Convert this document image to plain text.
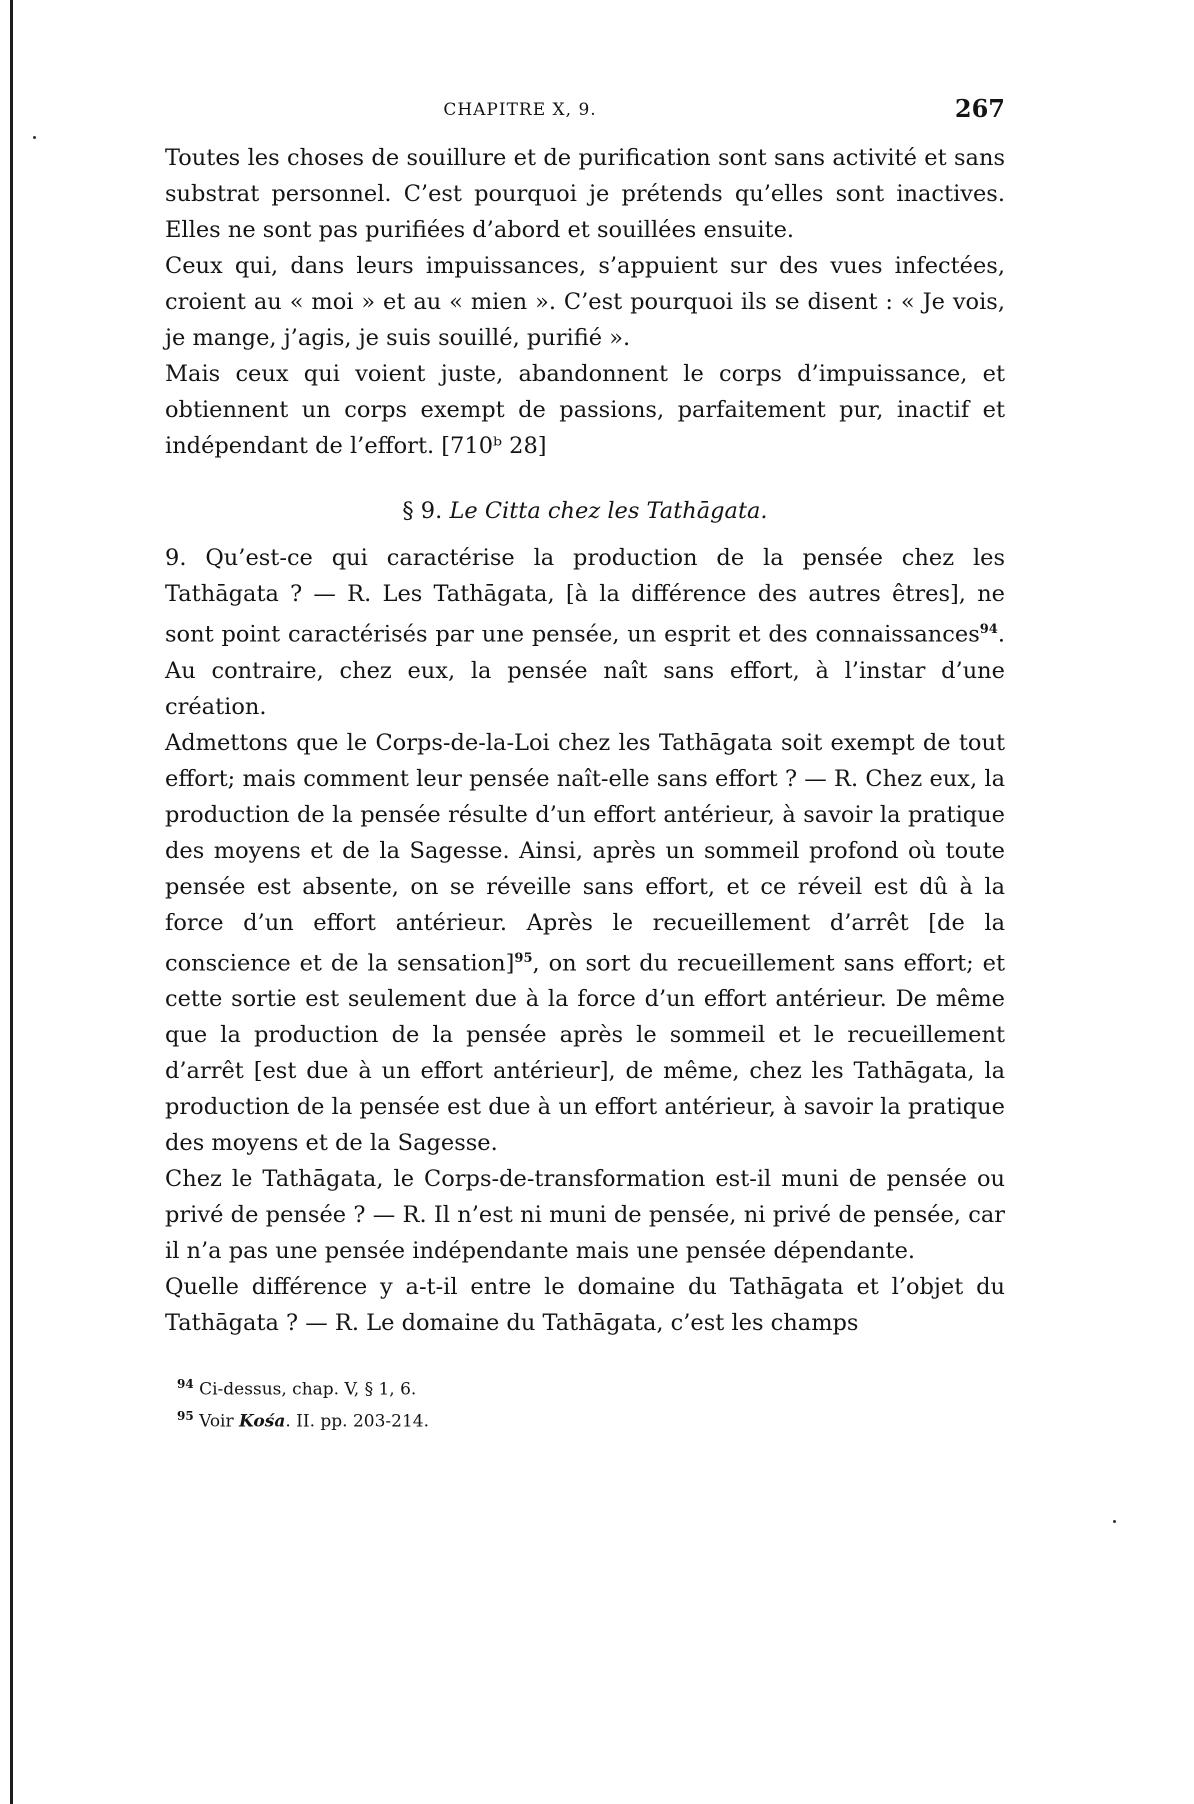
CHAPITRE X, 9.	267

Toutes les choses de souillure et de purification sont sans activité et sans substrat personnel. C’est pourquoi je prétends qu’elles sont inactives. Elles ne sont pas purifiées d’abord et souillées ensuite.

Ceux qui, dans leurs impuissances, s’appuient sur des vues infectées, croient au « moi » et au « mien ». C’est pourquoi ils se disent : « Je vois, je mange, j’agis, je suis souillé, purifié ».

Mais ceux qui voient juste, abandonnent le corps d’impuissance, et obtiennent un corps exempt de passions, parfaitement pur, inactif et indépendant de l’effort. [710ᵇ 28]

§ 9. Le Citta chez les Tathāgata.

9. Qu’est-ce qui caractérise la production de la pensée chez les Tathāgata ? — R. Les Tathāgata, [à la différence des autres êtres], ne sont point caractérisés par une pensée, un esprit et des connaissances$^{94}$. Au contraire, chez eux, la pensée naît sans effort, à l’instar d’une création.

Admettons que le Corps-de-la-Loi chez les Tathāgata soit exempt de tout effort; mais comment leur pensée naît-elle sans effort ? — R. Chez eux, la production de la pensée résulte d’un effort antérieur, à savoir la pratique des moyens et de la Sagesse. Ainsi, après un sommeil profond où toute pensée est absente, on se réveille sans effort, et ce réveil est dû à la force d’un effort antérieur. Après le recueillement d’arrêt [de la conscience et de la sensation]$^{95}$, on sort du recueillement sans effort; et cette sortie est seulement due à la force d’un effort antérieur. De même que la production de la pensée après le sommeil et le recueillement d’arrêt [est due à un effort antérieur], de même, chez les Tathāgata, la production de la pensée est due à un effort antérieur, à savoir la pratique des moyens et de la Sagesse.

Chez le Tathāgata, le Corps-de-transformation est-il muni de pensée ou privé de pensée ? — R. Il n’est ni muni de pensée, ni privé de pensée, car il n’a pas une pensée indépendante mais une pensée dépendante.

Quelle différence y a-t-il entre le domaine du Tathāgata et l’objet du Tathāgata ? — R. Le domaine du Tathāgata, c’est les champs

$^{94}$ Ci-dessus, chap. V, § 1, 6.
$^{95}$ Voir Kośa. II. pp. 203-214.
